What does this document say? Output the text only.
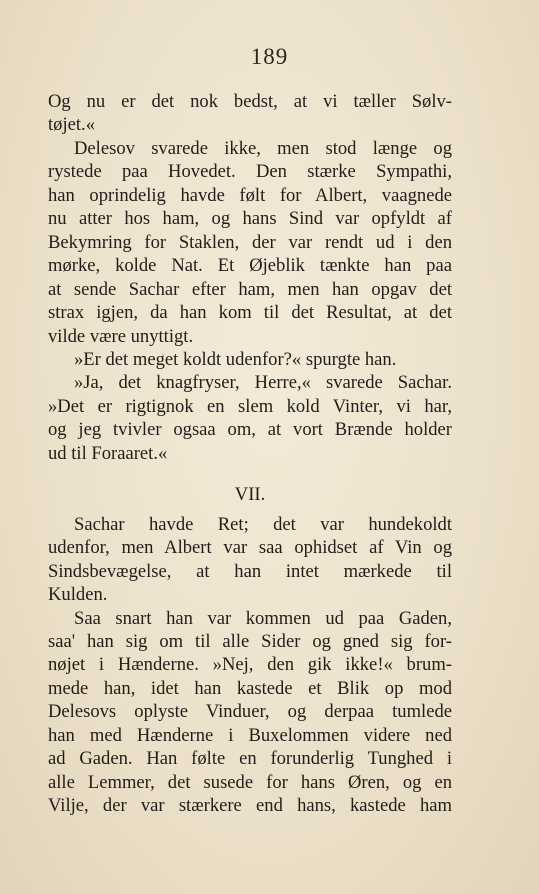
189
Og nu er det nok bedst, at vi tæller Sølv-
tøjet.«
Delesov svarede ikke, men stod længe og
rystede paa Hovedet. Den stærke Sympathi,
han oprindelig havde følt for Albert, vaagnede
nu atter hos ham, og hans Sind var opfyldt af
Bekymring for Staklen, der var rendt ud i den
mørke, kolde Nat. Et Øjeblik tænkte han paa
at sende Sachar efter ham, men han opgav det
strax igjen, da han kom til det Resultat, at det
vilde være unyttigt.
»Er det meget koldt udenfor?« spurgte han.
»Ja, det knagfryser, Herre,« svarede Sachar.
»Det er rigtignok en slem kold Vinter, vi har,
og jeg tvivler ogsaa om, at vort Brænde holder
ud til Foraaret.«
VII.
Sachar havde Ret; det var hundekoldt
udenfor, men Albert var saa ophidset af Vin og
Sindsbevægelse, at han intet mærkede til
Kulden.
Saa snart han var kommen ud paa Gaden,
saa' han sig om til alle Sider og gned sig for-
nøjet i Hænderne. »Nej, den gik ikke!« brum-
mede han, idet han kastede et Blik op mod
Delesovs oplyste Vinduer, og derpaa tumlede
han med Hænderne i Buxelommen videre ned
ad Gaden. Han følte en forunderlig Tunghed i
alle Lemmer, det susede for hans Øren, og en
Vilje, der var stærkere end hans, kastede ham
